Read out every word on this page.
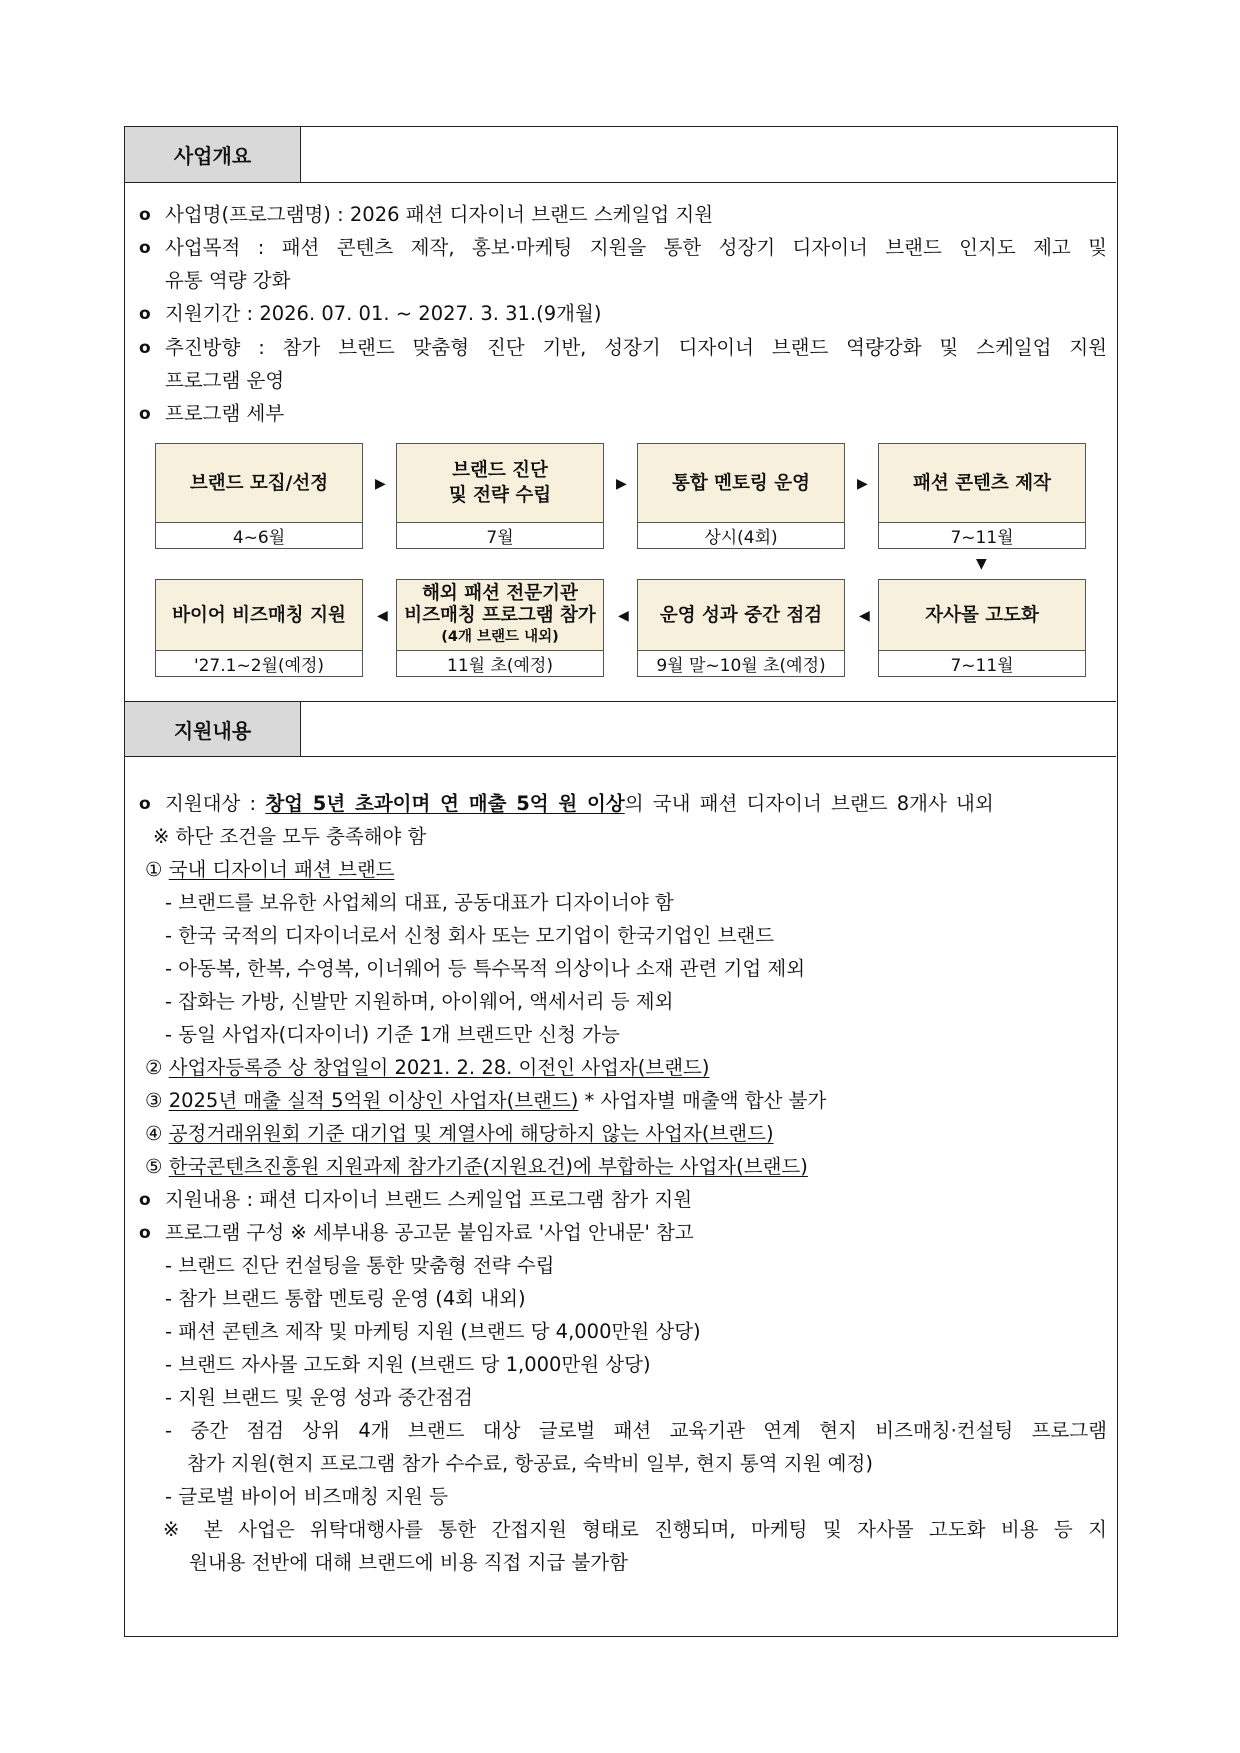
사업개요
o 사업명(프로그램명) : 2026 패션 디자이너 브랜드 스케일업 지원
o 사업목적 : 패션 콘텐츠 제작, 홍보·마케팅 지원을 통한 성장기 디자이너 브랜드 인지도 제고 및
유통 역량 강화
o 지원기간 : 2026. 07. 01. ~ 2027. 3. 31.(9개월)
o 추진방향 : 참가 브랜드 맞춤형 진단 기반, 성장기 디자이너 브랜드 역량강화 및 스케일업 지원
프로그램 운영
o 프로그램 세부
브랜드 모집/선정
4~6월
▶
브랜드 진단
및 전략 수립
7월
▶ 통합 멘토링 운영
상시(4회)
▶ 패션 콘텐츠 제작
7~11월
▼
바이어 비즈매칭 지원
'27.1~2월(예정)
◀
해외 패션 전문기관
비즈매칭 프로그램 참가
(4개 브랜드 내외)
11월 초(예정)
◀ 운영 성과 중간 점검
9월 말~10월 초(예정)
◀	자사몰 고도화
7~11월
지원내용
o 지원대상 : 창업 5년 초과이며 연 매출 5억 원 이상의 국내 패션 디자이너 브랜드 8개사 내외
※ 하단 조건을 모두 충족해야 함
① 국내 디자이너 패션 브랜드
- 브랜드를 보유한 사업체의 대표, 공동대표가 디자이너야 함
- 한국 국적의 디자이너로서 신청 회사 또는 모기업이 한국기업인 브랜드
- 아동복, 한복, 수영복, 이너웨어 등 특수목적 의상이나 소재 관련 기업 제외
- 잡화는 가방, 신발만 지원하며, 아이웨어, 액세서리 등 제외
- 동일 사업자(디자이너) 기준 1개 브랜드만 신청 가능
② 사업자등록증 상 창업일이 2021. 2. 28. 이전인 사업자(브랜드)
③ 2025년 매출 실적 5억원 이상인 사업자(브랜드) * 사업자별 매출액 합산 불가
④ 공정거래위원회 기준 대기업 및 계열사에 해당하지 않는 사업자(브랜드)
⑤ 한국콘텐츠진흥원 지원과제 참가기준(지원요건)에 부합하는 사업자(브랜드)
o 지원내용 : 패션 디자이너 브랜드 스케일업 프로그램 참가 지원
o 프로그램 구성 ※ 세부내용 공고문 붙임자료 '사업 안내문' 참고
- 브랜드 진단 컨설팅을 통한 맞춤형 전략 수립
- 참가 브랜드 통합 멘토링 운영 (4회 내외)
- 패션 콘텐츠 제작 및 마케팅 지원 (브랜드 당 4,000만원 상당)
- 브랜드 자사몰 고도화 지원 (브랜드 당 1,000만원 상당)
- 지원 브랜드 및 운영 성과 중간점검
- 중간 점검 상위 4개 브랜드 대상 글로벌 패션 교육기관 연계 현지 비즈매칭·컨설팅 프로그램
참가 지원(현지 프로그램 참가 수수료, 항공료, 숙박비 일부, 현지 통역 지원 예정)
- 글로벌 바이어 비즈매칭 지원 등
※ 본 사업은 위탁대행사를 통한 간접지원 형태로 진행되며, 마케팅 및 자사몰 고도화 비용 등 지
원내용 전반에 대해 브랜드에 비용 직접 지급 불가함
